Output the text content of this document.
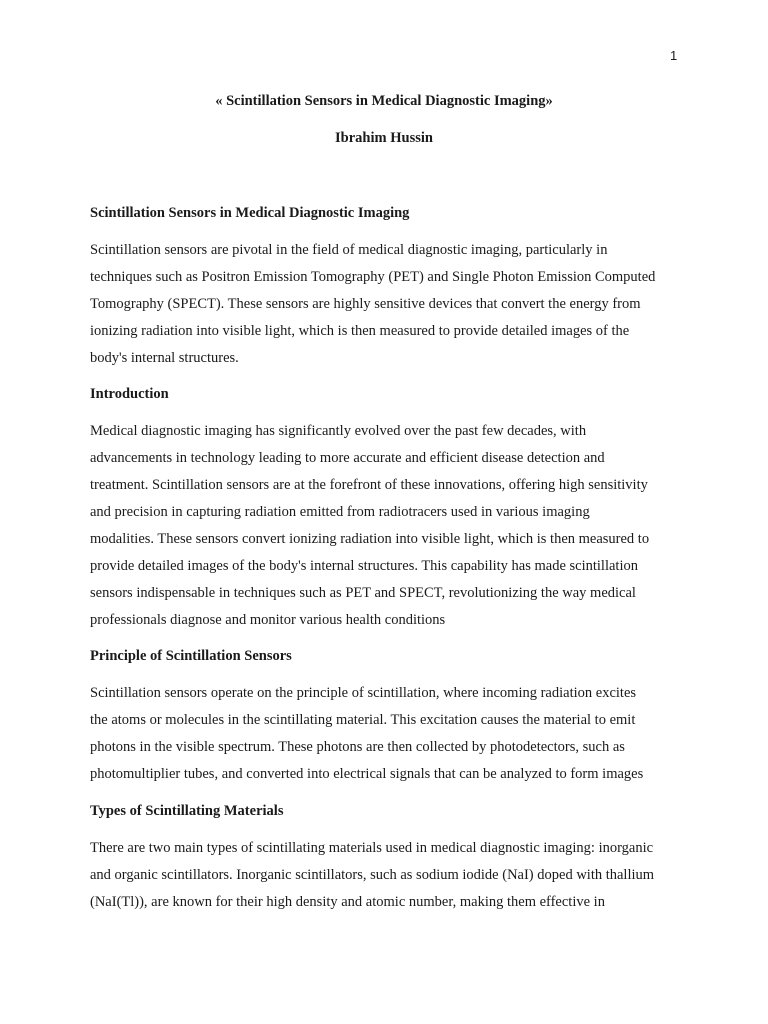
1
« Scintillation Sensors in Medical Diagnostic Imaging»
Ibrahim Hussin
Scintillation Sensors in Medical Diagnostic Imaging
Scintillation sensors are pivotal in the field of medical diagnostic imaging, particularly in
techniques such as Positron Emission Tomography (PET) and Single Photon Emission Computed
Tomography (SPECT). These sensors are highly sensitive devices that convert the energy from
ionizing radiation into visible light, which is then measured to provide detailed images of the
body's internal structures.
Introduction
Medical diagnostic imaging has significantly evolved over the past few decades, with
advancements in technology leading to more accurate and efficient disease detection and
treatment. Scintillation sensors are at the forefront of these innovations, offering high sensitivity
and precision in capturing radiation emitted from radiotracers used in various imaging
modalities. These sensors convert ionizing radiation into visible light, which is then measured to
provide detailed images of the body's internal structures. This capability has made scintillation
sensors indispensable in techniques such as PET and SPECT, revolutionizing the way medical
professionals diagnose and monitor various health conditions
Principle of Scintillation Sensors
Scintillation sensors operate on the principle of scintillation, where incoming radiation excites
the atoms or molecules in the scintillating material. This excitation causes the material to emit
photons in the visible spectrum. These photons are then collected by photodetectors, such as
photomultiplier tubes, and converted into electrical signals that can be analyzed to form images
Types of Scintillating Materials
There are two main types of scintillating materials used in medical diagnostic imaging: inorganic
and organic scintillators. Inorganic scintillators, such as sodium iodide (NaI) doped with thallium
(NaI(Tl)), are known for their high density and atomic number, making them effective in
